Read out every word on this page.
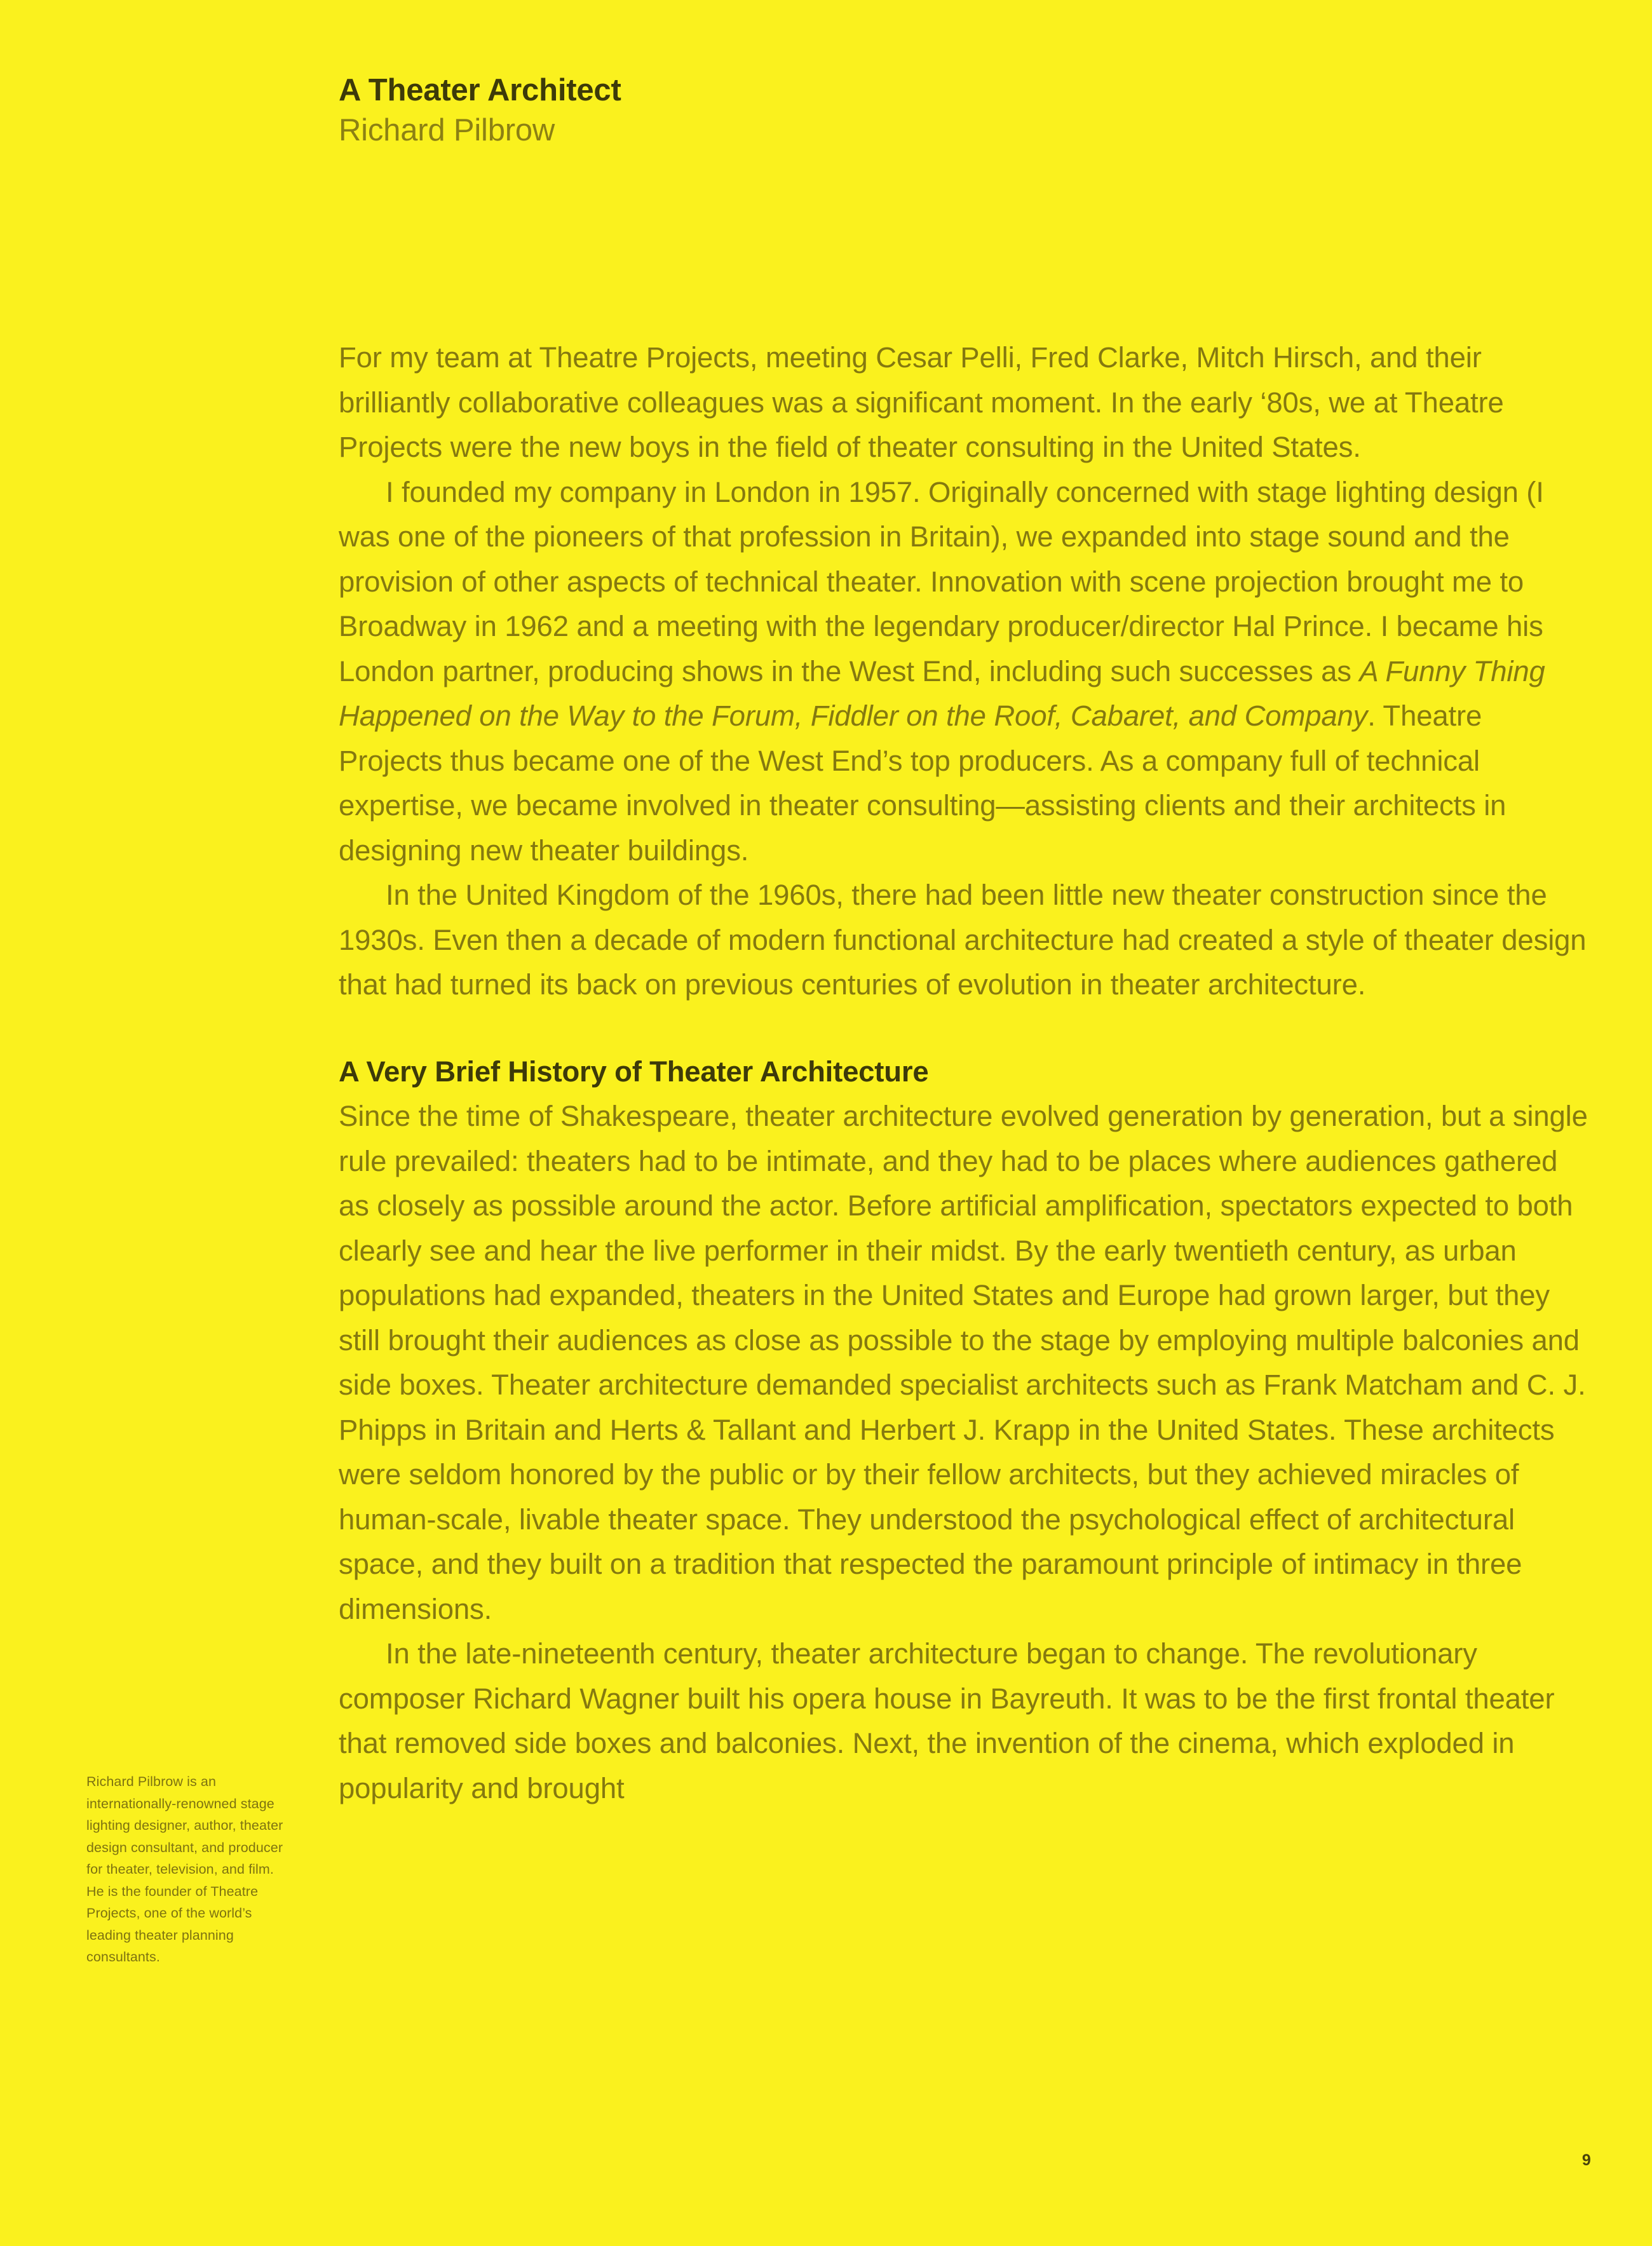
A Theater Architect

Richard Pilbrow

For my team at Theatre Projects, meeting Cesar Pelli, Fred Clarke, Mitch Hirsch, and their brilliantly collaborative colleagues was a significant moment. In the early ‘80s, we at Theatre Projects were the new boys in the field of theater consulting in the United States.

I founded my company in London in 1957. Originally concerned with stage lighting design (I was one of the pioneers of that profession in Britain), we expanded into stage sound and the provision of other aspects of technical theater. Innovation with scene projection brought me to Broadway in 1962 and a meeting with the legendary producer/director Hal Prince. I became his London partner, producing shows in the West End, including such successes as A Funny Thing Happened on the Way to the Forum, Fiddler on the Roof, Cabaret, and Company. Theatre Projects thus became one of the West End’s top producers. As a company full of technical expertise, we became involved in theater consulting—assisting clients and their architects in designing new theater buildings.

In the United Kingdom of the 1960s, there had been little new theater construction since the 1930s. Even then a decade of modern functional architecture had created a style of theater design that had turned its back on previous centuries of evolution in theater architecture.

A Very Brief History of Theater Architecture

Since the time of Shakespeare, theater architecture evolved generation by generation, but a single rule prevailed: theaters had to be intimate, and they had to be places where audiences gathered as closely as possible around the actor. Before artificial amplification, spectators expected to both clearly see and hear the live performer in their midst. By the early twentieth century, as urban populations had expanded, theaters in the United States and Europe had grown larger, but they still brought their audiences as close as possible to the stage by employing multiple balconies and side boxes. Theater architecture demanded specialist architects such as Frank Matcham and C. J. Phipps in Britain and Herts & Tallant and Herbert J. Krapp in the United States. These architects were seldom honored by the public or by their fellow architects, but they achieved miracles of human-scale, livable theater space. They understood the psychological effect of architectural space, and they built on a tradition that respected the paramount principle of intimacy in three dimensions.

In the late-nineteenth century, theater architecture began to change. The revolutionary composer Richard Wagner built his opera house in Bayreuth. It was to be the first frontal theater that removed side boxes and balconies. Next, the invention of the cinema, which exploded in popularity and brought

Richard Pilbrow is an internationally-renowned stage lighting designer, author, theater design consultant, and producer for theater, television, and film. He is the founder of Theatre Projects, one of the world’s leading theater planning consultants.
9
